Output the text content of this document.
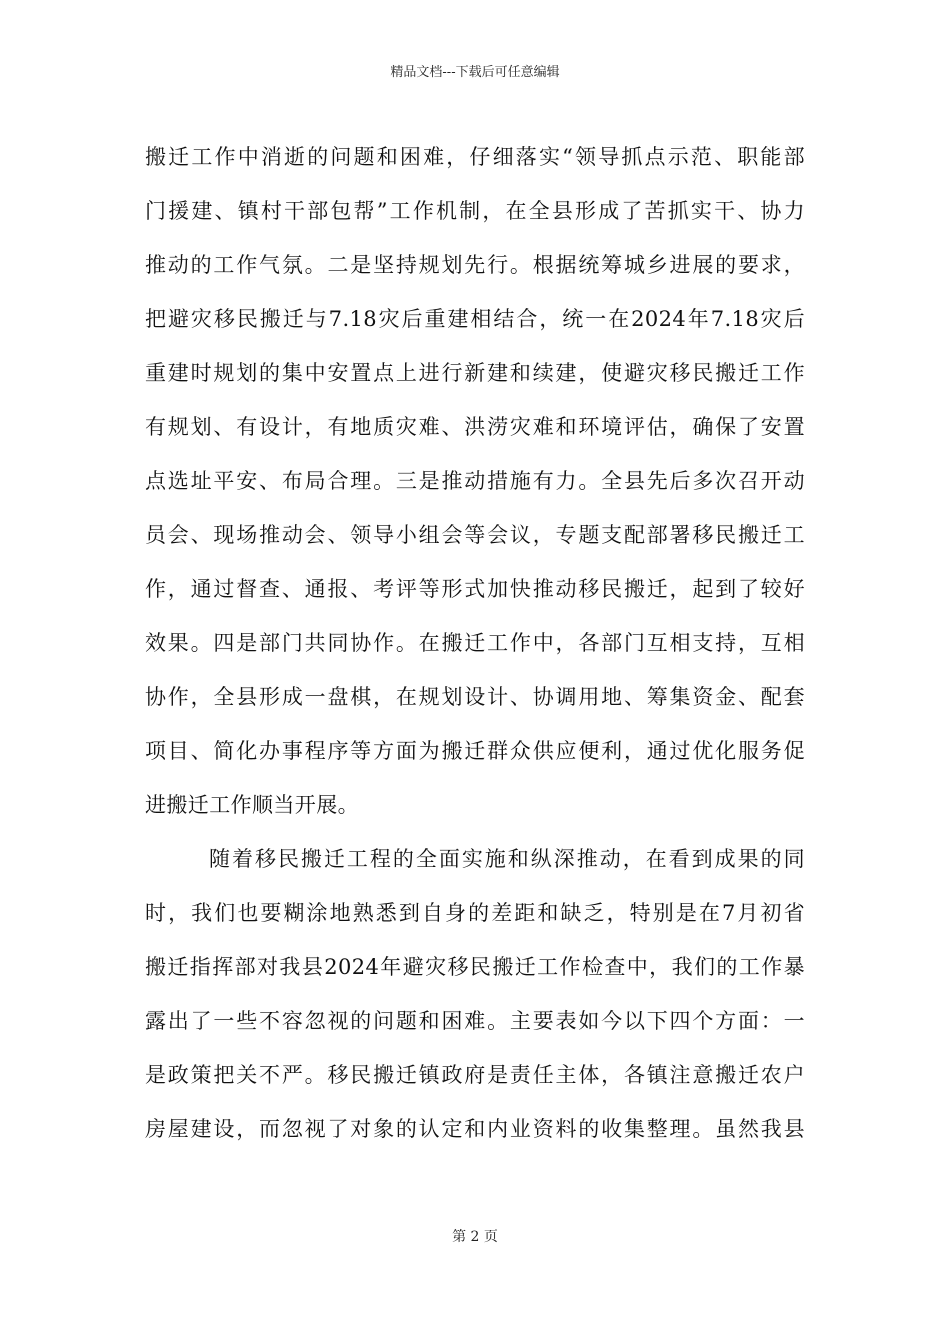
精品文档---下载后可任意编辑
搬迁工作中消逝的问题和困难，仔细落实“领导抓点示范、职能部
门援建、镇村干部包帮”工作机制，在全县形成了苦抓实干、协力
推动的工作气氛。二是坚持规划先行。根据统筹城乡进展的要求，
把避灾移民搬迁与7.18灾后重建相结合，统一在2024年7.18灾后
重建时规划的集中安置点上进行新建和续建，使避灾移民搬迁工作
有规划、有设计，有地质灾难、洪涝灾难和环境评估，确保了安置
点选址平安、布局合理。三是推动措施有力。全县先后多次召开动
员会、现场推动会、领导小组会等会议，专题支配部署移民搬迁工
作，通过督查、通报、考评等形式加快推动移民搬迁，起到了较好
效果。四是部门共同协作。在搬迁工作中，各部门互相支持，互相
协作，全县形成一盘棋，在规划设计、协调用地、筹集资金、配套
项目、简化办事程序等方面为搬迁群众供应便利，通过优化服务促
进搬迁工作顺当开展。
随着移民搬迁工程的全面实施和纵深推动，在看到成果的同
时，我们也要糊涂地熟悉到自身的差距和缺乏，特别是在7月初省
搬迁指挥部对我县2024年避灾移民搬迁工作检查中，我们的工作暴
露出了一些不容忽视的问题和困难。主要表如今以下四个方面：一
是政策把关不严。移民搬迁镇政府是责任主体，各镇注意搬迁农户
房屋建设，而忽视了对象的认定和内业资料的收集整理。虽然我县
第 2 页
